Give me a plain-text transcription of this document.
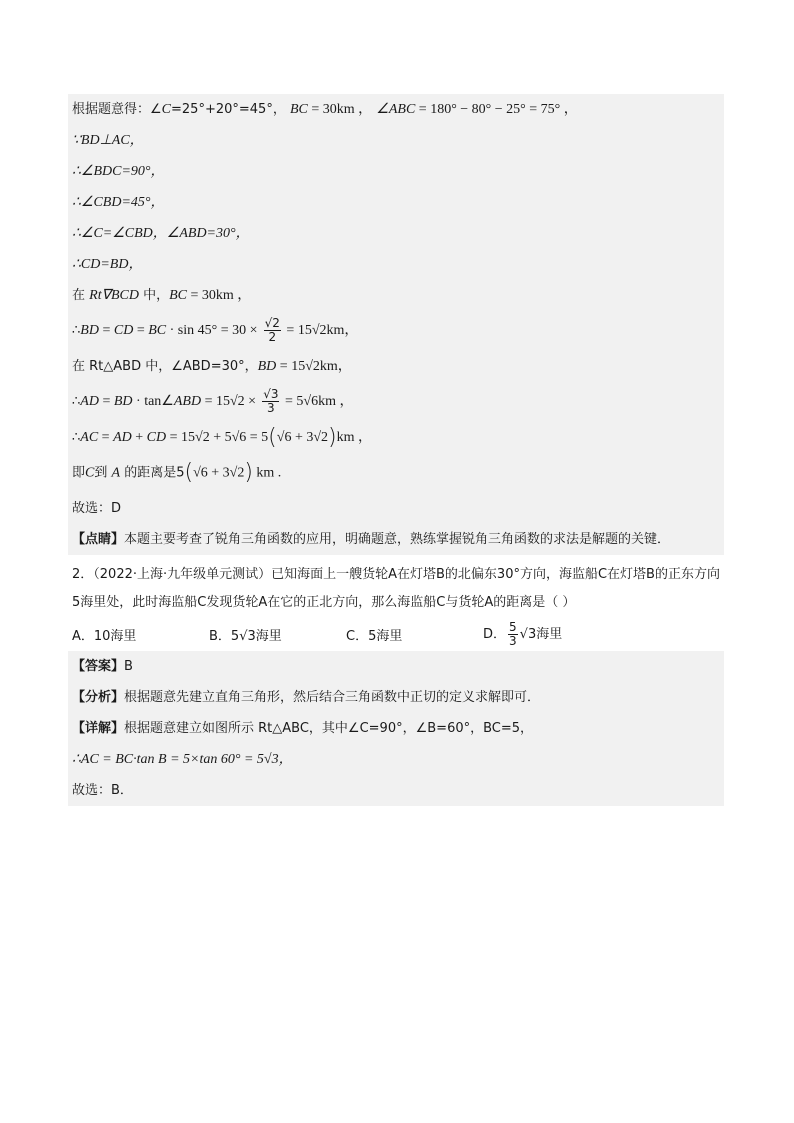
根据题意得：∠C=25°+20°=45°， BC = 30km ， ∠ABC = 180° − 80° − 25° = 75° ，
∵BD⊥AC，
∴∠BDC=90°，
∴∠CBD=45°，
∴∠C=∠CBD，∠ABD=30°，
∴CD=BD，
在 Rt∇BCD 中，BC = 30km ，
∴BD = CD = BC · $\sin 45^\circ = 30 \times \frac{√2}{2} = 15√2km$，
在 Rt△ABD 中，∠ABD=30°，BD = 15√2km，
∴AD = BD · tan∠ABD = $15√2 \times \frac{√3}{3} = 5√6km$ ，
∴AC = AD + CD = 15√2 + 5√6 = 5(√6 + 3√2)km ，
即C到 A 的距离是5(√6 + 3√2) km .
故选：D
【点睛】本题主要考查了锐角三角函数的应用，明确题意，熟练掌握锐角三角函数的求法是解题的关键．
2．（2022·上海·九年级单元测试）已知海面上一艘货轮A在灯塔B的北偏东30°方向，海监船C在灯塔B的正东方向5海里处，此时海监船C发现货轮A在它的正北方向，那么海监船C与货轮A的距离是（ ）
A．10海里	B．5√3海里	C．5海里	D． $\frac{5}{3} √3$海里
【答案】B
【分析】根据题意先建立直角三角形，然后结合三角函数中正切的定义求解即可．
【详解】根据题意建立如图所示 Rt△ABC，其中∠C=90°，∠B=60°，BC=5，
∴AC = BC·tan B = 5×tan 60° = 5√3，
故选：B．
